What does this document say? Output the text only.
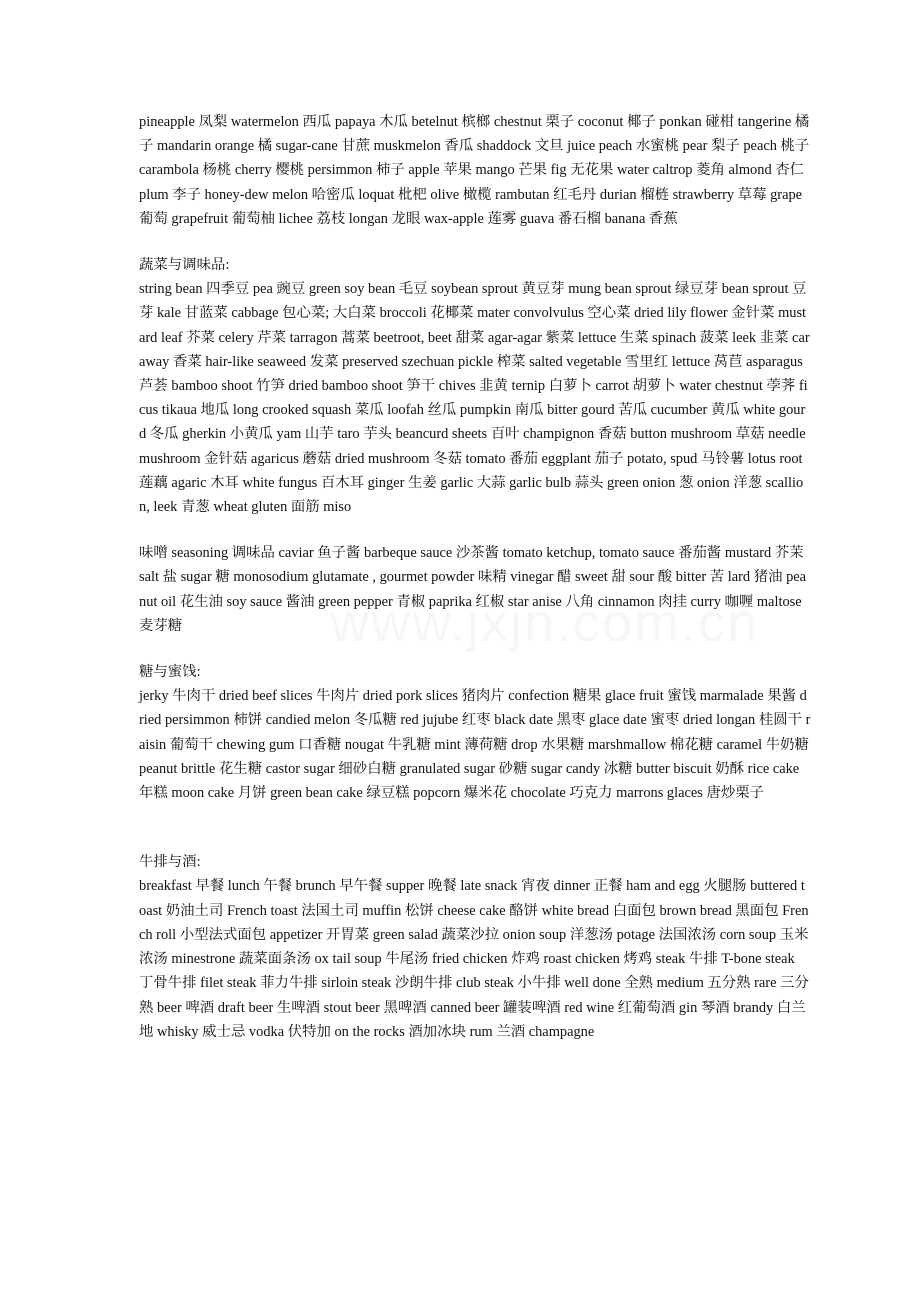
pineapple 凤梨 watermelon 西瓜 papaya 木瓜 betelnut 槟榔 chestnut 栗子 coconut 椰子 ponkan 碰柑 tangerine 橘子 mandarin orange 橘 sugar-cane 甘蔗 muskmelon 香瓜 shaddock 文旦 juice peach 水蜜桃 pear 梨子 peach 桃子 carambola 杨桃 cherry 樱桃 persimmon 柿子 apple 苹果 mango 芒果 fig 无花果 water caltrop 菱角 almond 杏仁 plum 李子 honey-dew melon 哈密瓜 loquat 枇杷 olive 橄榄 rambutan 红毛丹 durian 榴梿 strawberry 草莓 grape 葡萄 grapefruit 葡萄柚 lichee 荔枝 longan 龙眼 wax-apple 莲雾 guava 番石榴 banana 香蕉

蔬菜与调味品:

string bean 四季豆 pea 豌豆 green soy bean 毛豆 soybean sprout 黄豆芽 mung bean sprout 绿豆芽 bean sprout 豆芽 kale 甘蓝菜 cabbage 包心菜; 大白菜 broccoli 花椰菜 mater convolvulus 空心菜 dried lily flower 金针菜 mustard leaf 芥菜 celery 芹菜 tarragon 蒿菜 beetroot, beet 甜菜 agar-agar 紫菜 lettuce 生菜 spinach 菠菜 leek 韭菜 caraway 香菜 hair-like seaweed 发菜 preserved szechuan pickle 榨菜 salted vegetable 雪里红 lettuce 莴苣 asparagus 芦荟 bamboo shoot 竹笋 dried bamboo shoot 笋干 chives 韭黄 ternip 白萝卜 carrot 胡萝卜 water chestnut 荸荠 ficus tikaua 地瓜 long crooked squash 菜瓜 loofah 丝瓜 pumpkin 南瓜 bitter gourd 苦瓜 cucumber 黄瓜 white gourd 冬瓜 gherkin 小黄瓜 yam 山芋 taro 芋头 beancurd sheets 百叶 champignon 香菇 button mushroom 草菇 needle mushroom 金针菇 agaricus 蘑菇 dried mushroom 冬菇 tomato 番茄 eggplant 茄子 potato, spud 马铃薯 lotus root 莲藕 agaric 木耳 white fungus 百木耳 ginger 生姜 garlic 大蒜 garlic bulb 蒜头 green onion 葱 onion 洋葱 scallion, leek 青葱 wheat gluten 面筋 miso

味噌 seasoning 调味品 caviar 鱼子酱 barbeque sauce 沙茶酱 tomato ketchup, tomato sauce 番茄酱 mustard 芥茉 salt 盐 sugar 糖 monosodium glutamate , gourmet powder 味精 vinegar 醋 sweet 甜 sour 酸 bitter 苦 lard 猪油 peanut oil 花生油 soy sauce 酱油 green pepper 青椒 paprika 红椒 star anise 八角 cinnamon 肉挂 curry 咖喱 maltose 麦芽糖

糖与蜜饯:

jerky 牛肉干 dried beef slices 牛肉片 dried pork slices 猪肉片 confection 糖果 glace fruit 蜜饯 marmalade 果酱 dried persimmon 柿饼 candied melon 冬瓜糖 red jujube 红枣 black date 黑枣 glace date 蜜枣 dried longan 桂圆干 raisin 葡萄干 chewing gum 口香糖 nougat 牛乳糖 mint 薄荷糖 drop 水果糖 marshmallow 棉花糖 caramel 牛奶糖 peanut brittle 花生糖 castor sugar 细砂白糖 granulated sugar 砂糖 sugar candy 冰糖 butter biscuit 奶酥 rice cake 年糕 moon cake 月饼 green bean cake 绿豆糕 popcorn 爆米花 chocolate 巧克力 marrons glaces 唐炒栗子

牛排与酒:

breakfast 早餐 lunch 午餐 brunch 早午餐 supper 晚餐 late snack 宵夜 dinner 正餐 ham and egg 火腿肠 buttered toast 奶油土司 French toast 法国土司 muffin 松饼 cheese cake 酪饼 white bread 白面包 brown bread 黑面包 French roll 小型法式面包 appetizer 开胃菜 green salad 蔬菜沙拉 onion soup 洋葱汤 potage 法国浓汤 corn soup 玉米浓汤 minestrone 蔬菜面条汤 ox tail soup 牛尾汤 fried chicken 炸鸡 roast chicken 烤鸡 steak 牛排 T-bone steak 丁骨牛排 filet steak 菲力牛排 sirloin steak 沙朗牛排 club steak 小牛排 well done 全熟 medium 五分熟 rare 三分熟 beer 啤酒 draft beer 生啤酒 stout beer 黑啤酒 canned beer 罐装啤酒 red wine 红葡萄酒 gin 琴酒 brandy 白兰地 whisky 威士忌 vodka 伏特加 on the rocks 酒加冰块 rum 兰酒 champagne
